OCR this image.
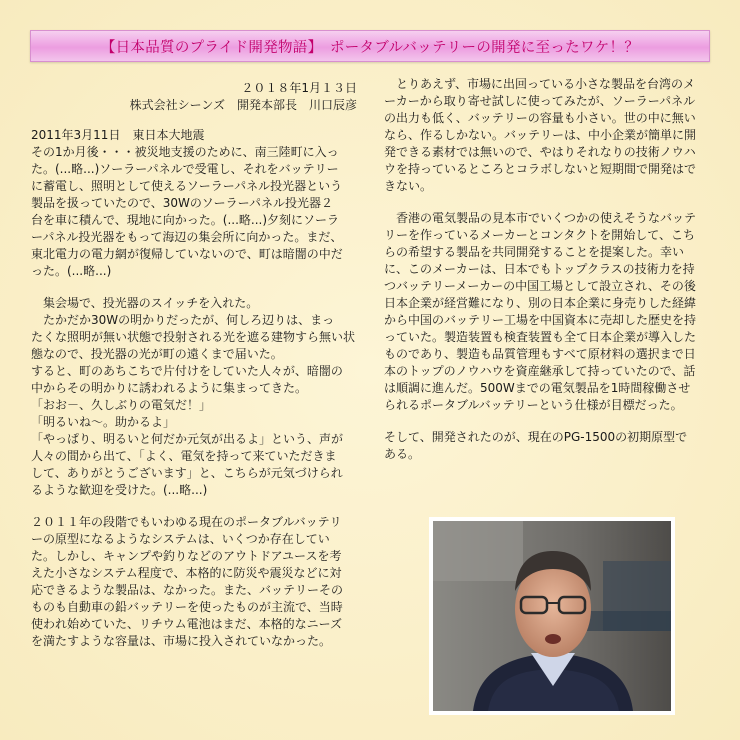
【日本品質のプライド開発物語】　ポータブルバッテリーの開発に至ったワケ！？
２０１８年1月１３日
株式会社シーンズ　開発本部長　川口辰彦
2011年3月11日　東日本大地震
その1か月後・・・被災地支援のために、南三陸町に入っ
た。(...略...)ソーラーパネルで受電し、それをバッテリー
に蓄電し、照明として使えるソーラーパネル投光器という
製品を扱っていたので、30Wのソーラーパネル投光器２
台を車に積んで、現地に向かった。(...略...)夕刻にソーラ
ーパネル投光器をもって海辺の集会所に向かった。まだ、
東北電力の電力網が復帰していないので、町は暗闇の中だ
った。(...略...)
　集会場で、投光器のスイッチを入れた。
　たかだか30Wの明かりだったが、何しろ辺りは、まっ
たくな照明が無い状態で投射される光を遮る建物すら無い状
態なので、投光器の光が町の遠くまで届いた。
すると、町のあちこちで片付けをしていた人々が、暗闇の
中からその明かりに誘われるように集まってきた。
「おお－、久しぶりの電気だ！」
「明るいね～。助かるよ」
「やっぱり、明るいと何だか元気が出るよ」という、声が
人々の間から出て、「よく、電気を持って来ていただきま
して、ありがとうございます」と、こちらが元気づけられ
るような歓迎を受けた。(...略...)
２０１１年の段階でもいわゆる現在のポータブルバッテリ
ーの原型になるようなシステムは、いくつか存在してい
た。しかし、キャンプや釣りなどのアウトドアユースを考
えた小さなシステム程度で、本格的に防災や震災などに対
応できるような製品は、なかった。また、バッテリーその
ものも自動車の鉛バッテリーを使ったものが主流で、当時
使われ始めていた、リチウム電池はまだ、本格的なニーズ
を満たすような容量は、市場に投入されていなかった。
　とりあえず、市場に出回っている小さな製品を台湾のメ
ーカーから取り寄せ試しに使ってみたが、ソーラーパネル
の出力も低く、バッテリーの容量も小さい。世の中に無い
なら、作るしかない。バッテリーは、中小企業が簡単に開
発できる素材では無いので、やはりそれなりの技術ノウハ
ウを持っているところとコラボしないと短期間で開発はで
きない。
　香港の電気製品の見本市でいくつかの使えそうなバッテ
リーを作っているメーカーとコンタクトを開始して、こち
らの希望する製品を共同開発することを提案した。幸い
に、このメーカーは、日本でもトップクラスの技術力を持
つバッテリーメーカーの中国工場として設立され、その後
日本企業が経営難になり、別の日本企業に身売りした経緯
から中国のバッテリー工場を中国資本に売却した歴史を持
っていた。製造装置も検査装置も全て日本企業が導入した
ものであり、製造も品質管理もすべて原材料の選択まで日
本のトップのノウハウを資産継承して持っていたので、話
は順調に進んだ。500Wまでの電気製品を1時間稼働させ
られるポータブルバッテリーという仕様が目標だった。
そして、開発されたのが、現在のPG-1500の初期原型で
ある。
